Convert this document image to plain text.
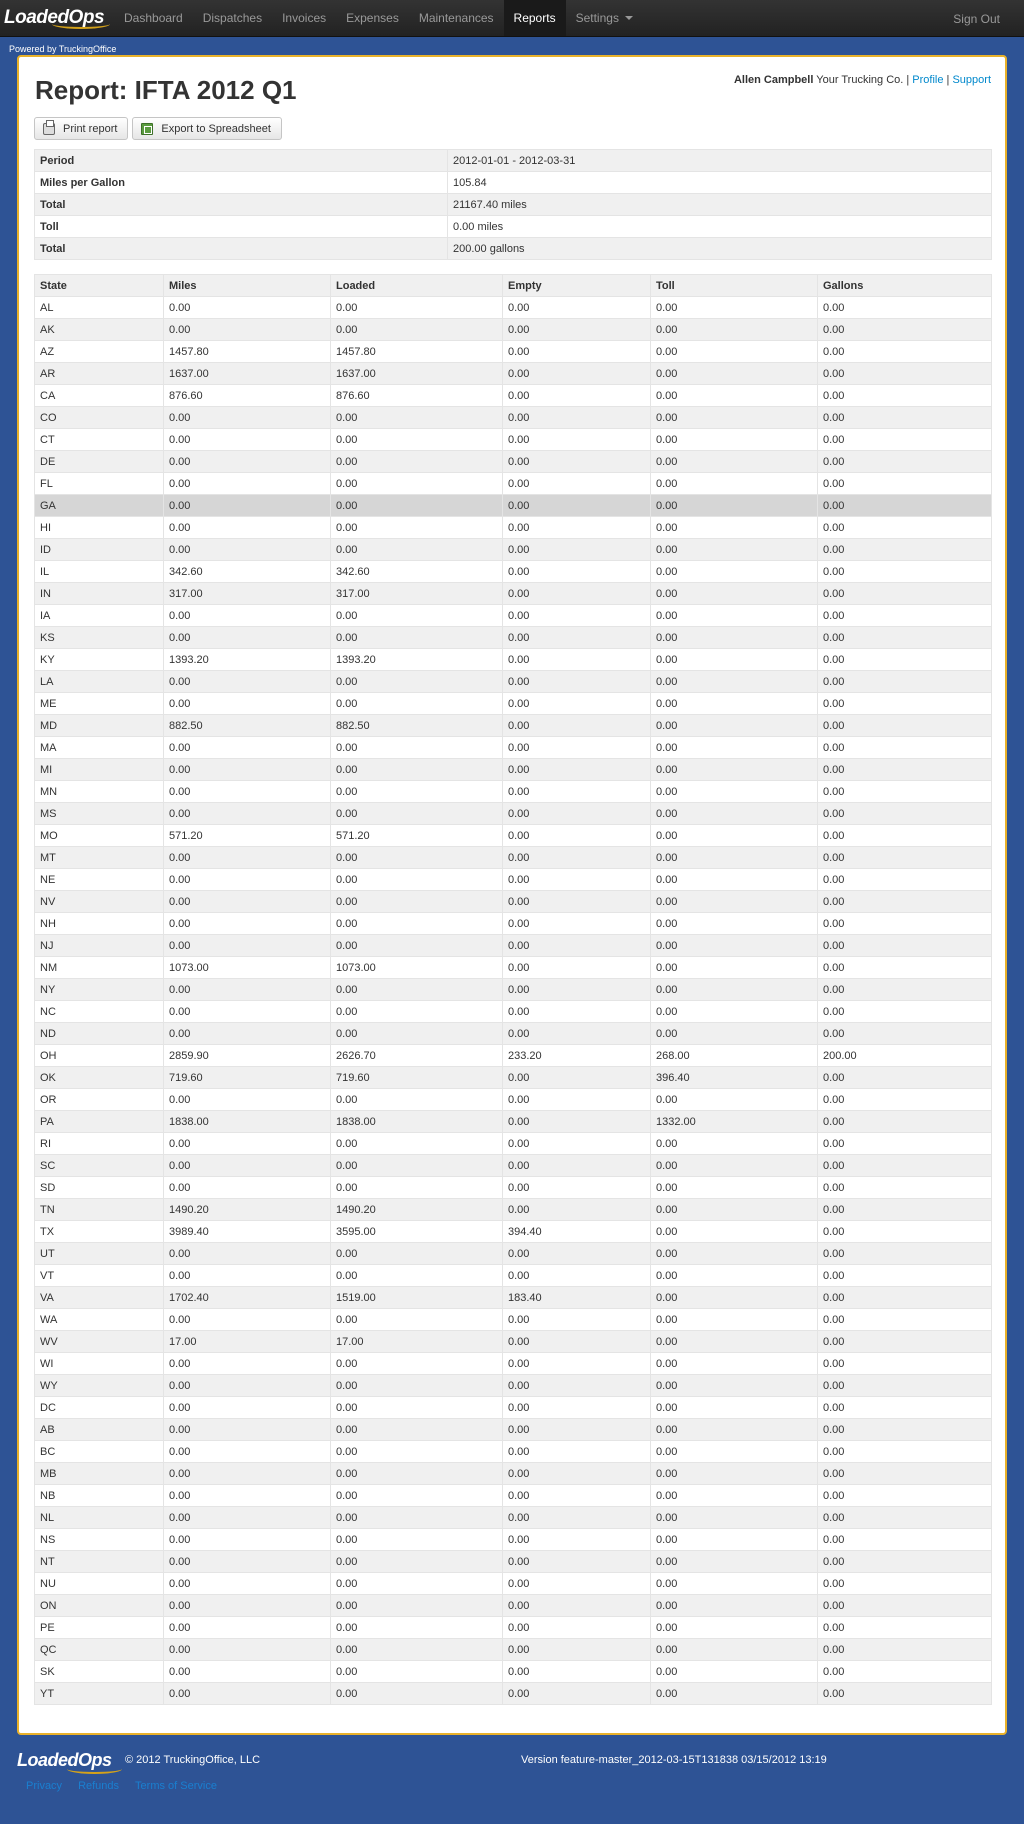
LoadedOps	Dashboard	Dispatches	Invoices	Expenses	Maintenances	Reports	Settings	Sign Out
Powered by TruckingOffice
Report: IFTA 2012 Q1	Allen Campbell Your Trucking Co. | Profile | Support
Print report	Export to Spreadsheet
Period	2012-01-01 - 2012-03-31
Miles per Gallon	105.84
Total	21167.40 miles
Toll	0.00 miles
Total	200.00 gallons
State	Miles	Loaded	Empty	Toll	Gallons
AL	0.00	0.00	0.00	0.00	0.00
AK	0.00	0.00	0.00	0.00	0.00
AZ	1457.80	1457.80	0.00	0.00	0.00
AR	1637.00	1637.00	0.00	0.00	0.00
CA	876.60	876.60	0.00	0.00	0.00
CO	0.00	0.00	0.00	0.00	0.00
CT	0.00	0.00	0.00	0.00	0.00
DE	0.00	0.00	0.00	0.00	0.00
FL	0.00	0.00	0.00	0.00	0.00
GA	0.00	0.00	0.00	0.00	0.00
HI	0.00	0.00	0.00	0.00	0.00
ID	0.00	0.00	0.00	0.00	0.00
IL	342.60	342.60	0.00	0.00	0.00
IN	317.00	317.00	0.00	0.00	0.00
IA	0.00	0.00	0.00	0.00	0.00
KS	0.00	0.00	0.00	0.00	0.00
KY	1393.20	1393.20	0.00	0.00	0.00
LA	0.00	0.00	0.00	0.00	0.00
ME	0.00	0.00	0.00	0.00	0.00
MD	882.50	882.50	0.00	0.00	0.00
MA	0.00	0.00	0.00	0.00	0.00
MI	0.00	0.00	0.00	0.00	0.00
MN	0.00	0.00	0.00	0.00	0.00
MS	0.00	0.00	0.00	0.00	0.00
MO	571.20	571.20	0.00	0.00	0.00
MT	0.00	0.00	0.00	0.00	0.00
NE	0.00	0.00	0.00	0.00	0.00
NV	0.00	0.00	0.00	0.00	0.00
NH	0.00	0.00	0.00	0.00	0.00
NJ	0.00	0.00	0.00	0.00	0.00
NM	1073.00	1073.00	0.00	0.00	0.00
NY	0.00	0.00	0.00	0.00	0.00
NC	0.00	0.00	0.00	0.00	0.00
ND	0.00	0.00	0.00	0.00	0.00
OH	2859.90	2626.70	233.20	268.00	200.00
OK	719.60	719.60	0.00	396.40	0.00
OR	0.00	0.00	0.00	0.00	0.00
PA	1838.00	1838.00	0.00	1332.00	0.00
RI	0.00	0.00	0.00	0.00	0.00
SC	0.00	0.00	0.00	0.00	0.00
SD	0.00	0.00	0.00	0.00	0.00
TN	1490.20	1490.20	0.00	0.00	0.00
TX	3989.40	3595.00	394.40	0.00	0.00
UT	0.00	0.00	0.00	0.00	0.00
VT	0.00	0.00	0.00	0.00	0.00
VA	1702.40	1519.00	183.40	0.00	0.00
WA	0.00	0.00	0.00	0.00	0.00
WV	17.00	17.00	0.00	0.00	0.00
WI	0.00	0.00	0.00	0.00	0.00
WY	0.00	0.00	0.00	0.00	0.00
DC	0.00	0.00	0.00	0.00	0.00
AB	0.00	0.00	0.00	0.00	0.00
BC	0.00	0.00	0.00	0.00	0.00
MB	0.00	0.00	0.00	0.00	0.00
NB	0.00	0.00	0.00	0.00	0.00
NL	0.00	0.00	0.00	0.00	0.00
NS	0.00	0.00	0.00	0.00	0.00
NT	0.00	0.00	0.00	0.00	0.00
NU	0.00	0.00	0.00	0.00	0.00
ON	0.00	0.00	0.00	0.00	0.00
PE	0.00	0.00	0.00	0.00	0.00
QC	0.00	0.00	0.00	0.00	0.00
SK	0.00	0.00	0.00	0.00	0.00
YT	0.00	0.00	0.00	0.00	0.00
LoadedOps © 2012 TruckingOffice, LLC	Version feature-master_2012-03-15T131838 03/15/2012 13:19
Privacy Refunds Terms of Service
